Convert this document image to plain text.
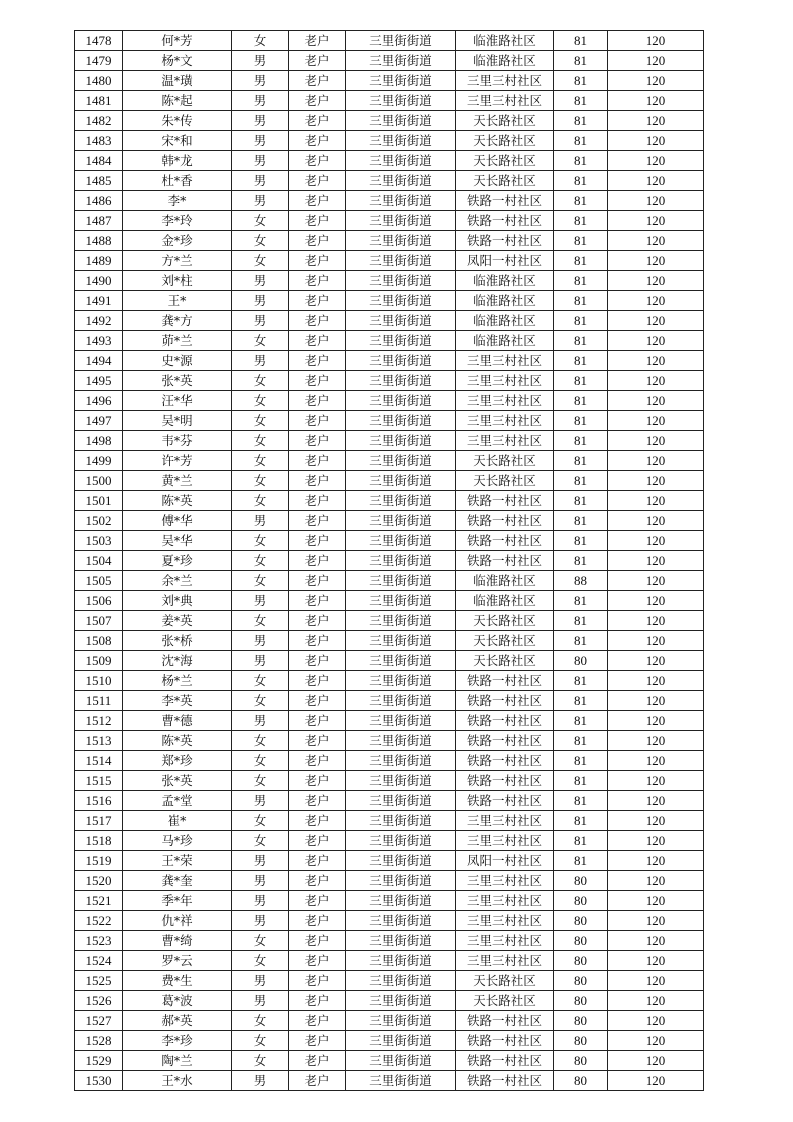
1478	何*芳	女	老户	三里街街道	临淮路社区	81	120
1479	杨*文	男	老户	三里街街道	临淮路社区	81	120
1480	温*璜	男	老户	三里街街道	三里三村社区	81	120
1481	陈*起	男	老户	三里街街道	三里三村社区	81	120
1482	朱*传	男	老户	三里街街道	天长路社区	81	120
1483	宋*和	男	老户	三里街街道	天长路社区	81	120
1484	韩*龙	男	老户	三里街街道	天长路社区	81	120
1485	杜*香	男	老户	三里街街道	天长路社区	81	120
1486	李*	男	老户	三里街街道	铁路一村社区	81	120
1487	李*玲	女	老户	三里街街道	铁路一村社区	81	120
1488	金*珍	女	老户	三里街街道	铁路一村社区	81	120
1489	方*兰	女	老户	三里街街道	凤阳一村社区	81	120
1490	刘*柱	男	老户	三里街街道	临淮路社区	81	120
1491	王*	男	老户	三里街街道	临淮路社区	81	120
1492	龚*方	男	老户	三里街街道	临淮路社区	81	120
1493	茆*兰	女	老户	三里街街道	临淮路社区	81	120
1494	史*源	男	老户	三里街街道	三里三村社区	81	120
1495	张*英	女	老户	三里街街道	三里三村社区	81	120
1496	汪*华	女	老户	三里街街道	三里三村社区	81	120
1497	吴*明	女	老户	三里街街道	三里三村社区	81	120
1498	韦*芬	女	老户	三里街街道	三里三村社区	81	120
1499	许*芳	女	老户	三里街街道	天长路社区	81	120
1500	黄*兰	女	老户	三里街街道	天长路社区	81	120
1501	陈*英	女	老户	三里街街道	铁路一村社区	81	120
1502	傅*华	男	老户	三里街街道	铁路一村社区	81	120
1503	吴*华	女	老户	三里街街道	铁路一村社区	81	120
1504	夏*珍	女	老户	三里街街道	铁路一村社区	81	120
1505	余*兰	女	老户	三里街街道	临淮路社区	88	120
1506	刘*典	男	老户	三里街街道	临淮路社区	81	120
1507	姜*英	女	老户	三里街街道	天长路社区	81	120
1508	张*桥	男	老户	三里街街道	天长路社区	81	120
1509	沈*海	男	老户	三里街街道	天长路社区	80	120
1510	杨*兰	女	老户	三里街街道	铁路一村社区	81	120
1511	李*英	女	老户	三里街街道	铁路一村社区	81	120
1512	曹*德	男	老户	三里街街道	铁路一村社区	81	120
1513	陈*英	女	老户	三里街街道	铁路一村社区	81	120
1514	郑*珍	女	老户	三里街街道	铁路一村社区	81	120
1515	张*英	女	老户	三里街街道	铁路一村社区	81	120
1516	孟*堂	男	老户	三里街街道	铁路一村社区	81	120
1517	崔*	女	老户	三里街街道	三里三村社区	81	120
1518	马*珍	女	老户	三里街街道	三里三村社区	81	120
1519	王*荣	男	老户	三里街街道	凤阳一村社区	81	120
1520	龚*奎	男	老户	三里街街道	三里三村社区	80	120
1521	季*年	男	老户	三里街街道	三里三村社区	80	120
1522	仇*祥	男	老户	三里街街道	三里三村社区	80	120
1523	曹*绮	女	老户	三里街街道	三里三村社区	80	120
1524	罗*云	女	老户	三里街街道	三里三村社区	80	120
1525	费*生	男	老户	三里街街道	天长路社区	80	120
1526	葛*波	男	老户	三里街街道	天长路社区	80	120
1527	郝*英	女	老户	三里街街道	铁路一村社区	80	120
1528	李*珍	女	老户	三里街街道	铁路一村社区	80	120
1529	陶*兰	女	老户	三里街街道	铁路一村社区	80	120
1530	王*水	男	老户	三里街街道	铁路一村社区	80	120
